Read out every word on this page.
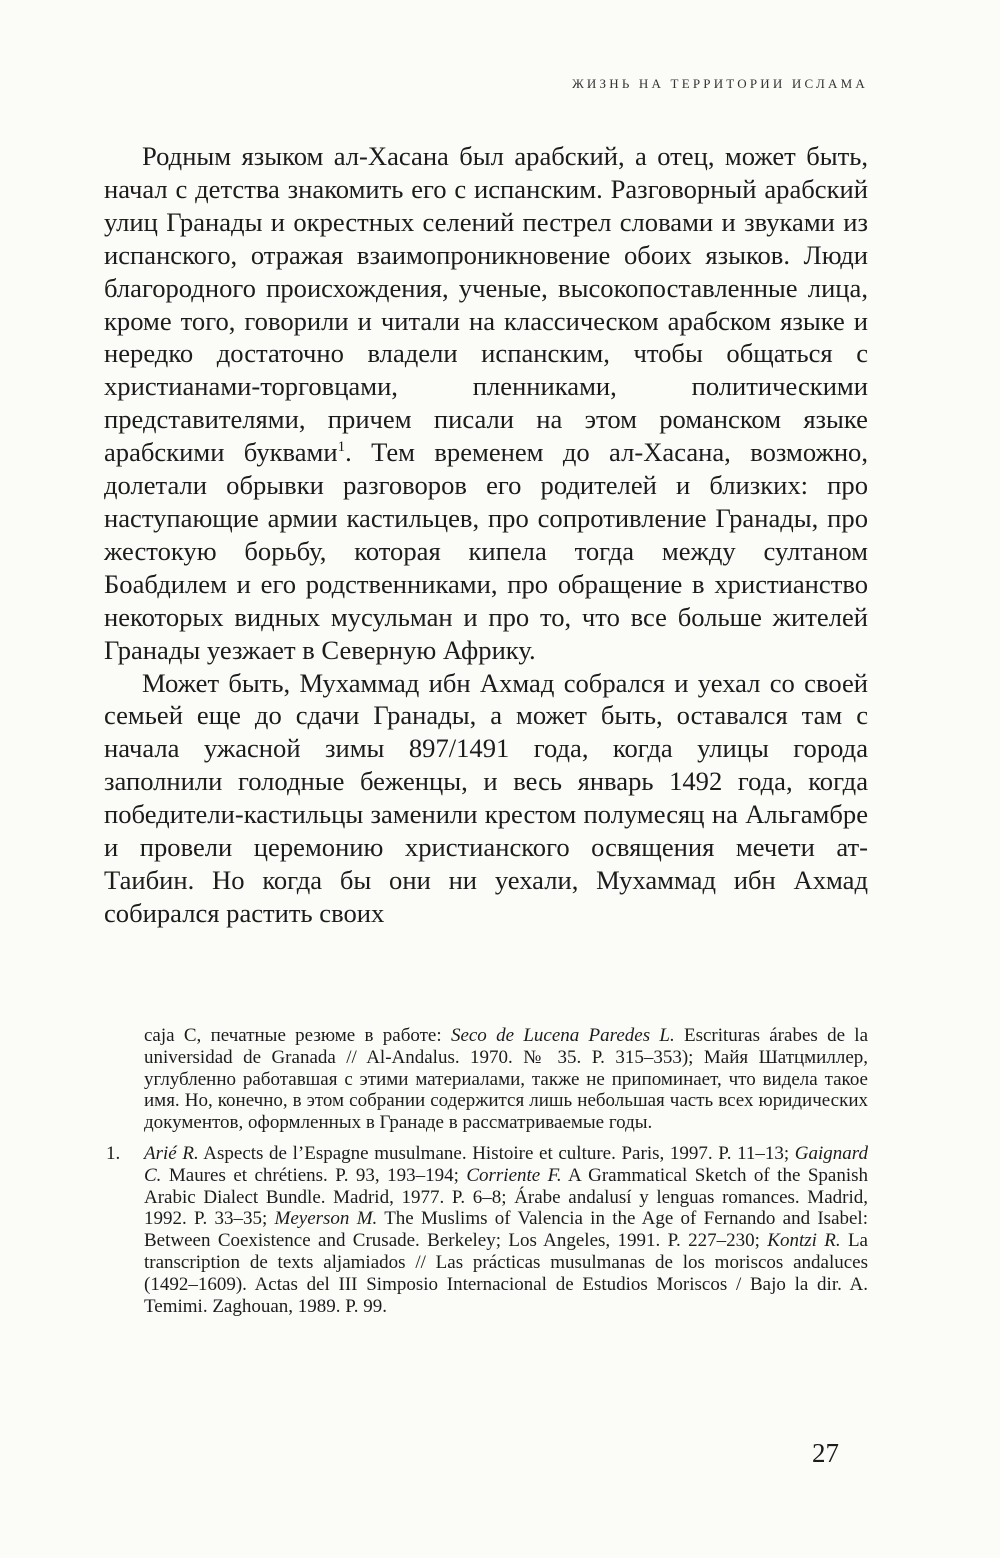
ЖИЗНЬ НА ТЕРРИТОРИИ ИСЛАМА

Родным языком ал-Хасана был арабский, а отец, может быть, начал с детства знакомить его с испанским. Разговорный арабский улиц Гранады и окрестных селений пестрел словами и звуками из испанского, отражая взаимопроникновение обоих языков. Люди благородного происхождения, ученые, высокопоставленные лица, кроме того, говорили и читали на классическом арабском языке и нередко достаточно владели испанским, чтобы общаться с христианами-торговцами, пленниками, политическими представителями, причем писали на этом романском языке арабскими буквами$^1$. Тем временем до ал-Хасана, возможно, долетали обрывки разговоров его родителей и близких: про наступающие армии кастильцев, про сопротивление Гранады, про жестокую борьбу, которая кипела тогда между султаном Боабдилем и его родственниками, про обращение в христианство некоторых видных мусульман и про то, что все больше жителей Гранады уезжает в Северную Африку.

Может быть, Мухаммад ибн Ахмад собрался и уехал со своей семьей еще до сдачи Гранады, а может быть, оставался там с начала ужасной зимы 897/1491 года, когда улицы города заполнили голодные беженцы, и весь январь 1492 года, когда победители-кастильцы заменили крестом полумесяц на Альгамбре и провели церемонию христианского освящения мечети ат-Таибин. Но когда бы они ни уехали, Мухаммад ибн Ахмад собирался растить своих

caja C, печатные резюме в работе: Seco de Lucena Paredes L. Escrituras árabes de la universidad de Granada // Al-Andalus. 1970. № 35. P. 315–353); Майя Шатцмиллер, углубленно работавшая с этими материалами, также не припоминает, что видела такое имя. Но, конечно, в этом собрании содержится лишь небольшая часть всех юридических документов, оформленных в Гранаде в рассматриваемые годы.

1. Arié R. Aspects de l’Espagne musulmane. Histoire et culture. Paris, 1997. P. 11–13; Gaignard C. Maures et chrétiens. P. 93, 193–194; Corriente F. A Grammatical Sketch of the Spanish Arabic Dialect Bundle. Madrid, 1977. P. 6–8; Árabe andalusí y lenguas romances. Madrid, 1992. P. 33–35; Meyerson M. The Muslims of Valencia in the Age of Fernando and Isabel: Between Coexistence and Crusade. Berkeley; Los Angeles, 1991. P. 227–230; Kontzi R. La transcription de texts aljamiados // Las prácticas musulmanas de los moriscos andaluces (1492–1609). Actas del III Simposio Internacional de Estudios Moriscos / Bajo la dir. A. Temimi. Zaghouan, 1989. P. 99.

27
